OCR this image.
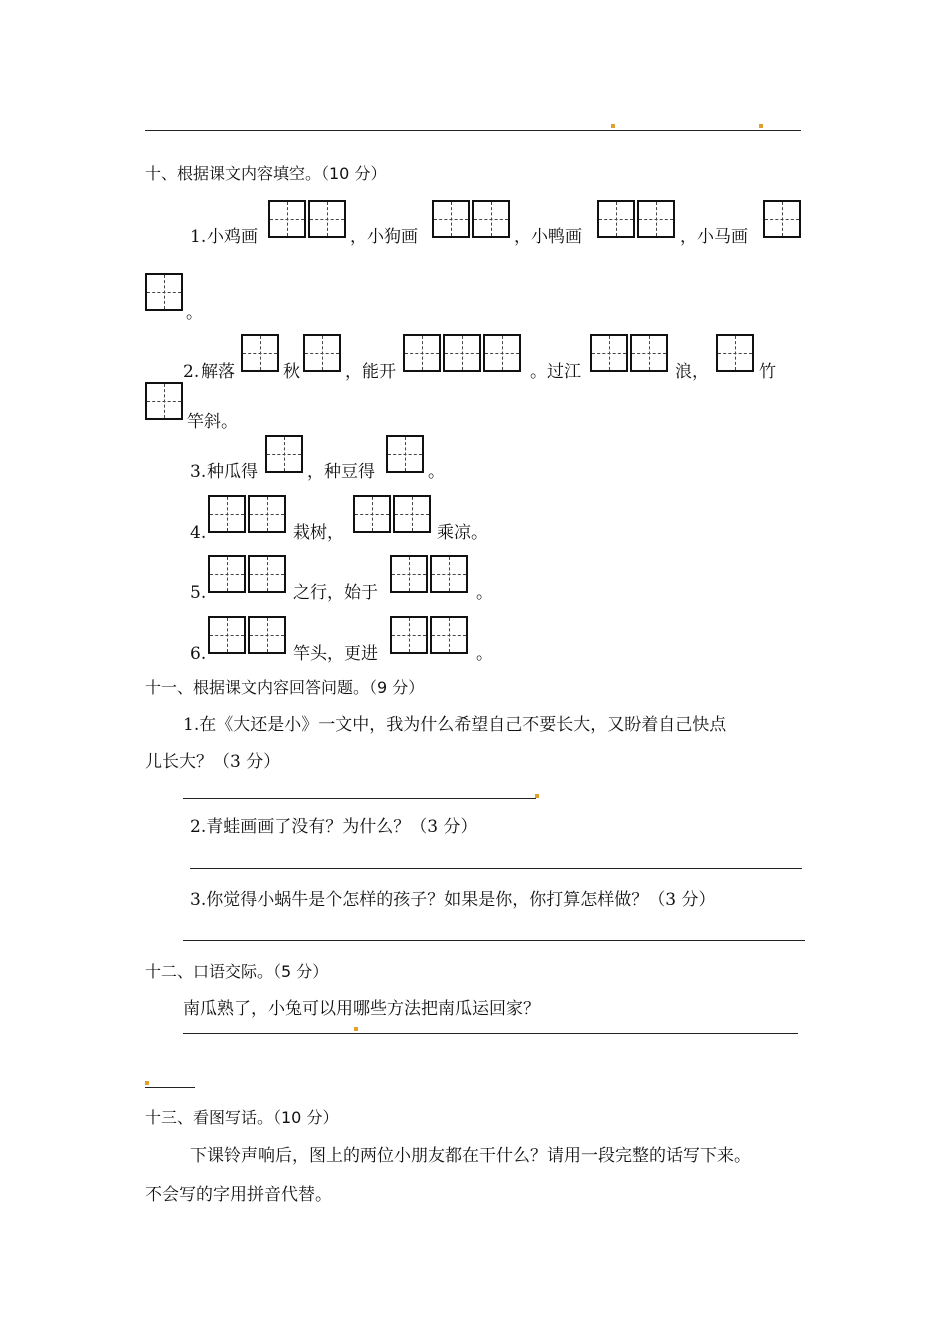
十、根据课文内容填空。（10 分）
1. 小鸡画	，小狗画	，小鸭画	，小马画
。
2. 解落	秋	，能开	。过江	浪，	竹
竿斜。
3. 种瓜得	，种豆得	。
4.	栽树，	乘凉。
5.	之行，始于	。
6.	竿头，更进	。
十一、根据课文内容回答问题。（9 分）
1.在《大还是小》一文中，我为什么希望自己不要长大，又盼着自己快点
儿长大？（3 分）
2.青蛙画画了没有？为什么？（3 分）
3.你觉得小蜗牛是个怎样的孩子？如果是你，你打算怎样做？（3 分）
十二、口语交际。（5 分）
南瓜熟了，小兔可以用哪些方法把南瓜运回家？
十三、看图写话。（10 分）
下课铃声响后，图上的两位小朋友都在干什么？请用一段完整的话写下来。
不会写的字用拼音代替。
